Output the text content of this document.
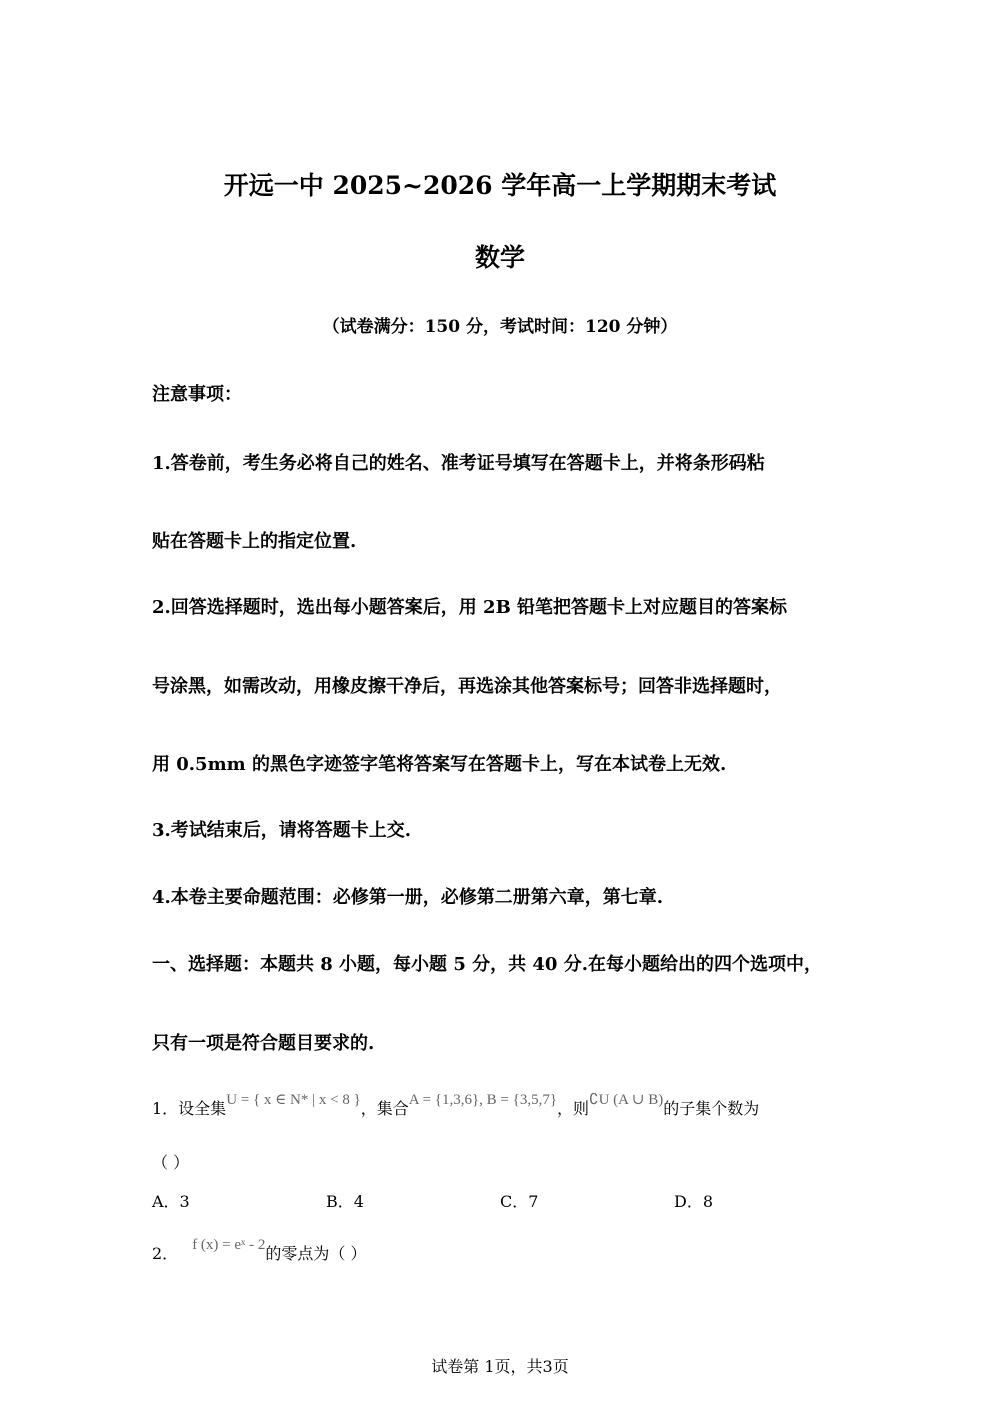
开远一中 2025~2026 学年高一上学期期末考试
数学
（试卷满分：150 分，考试时间：120 分钟）
注意事项：
1.答卷前，考生务必将自己的姓名、准考证号填写在答题卡上，并将条形码粘
贴在答题卡上的指定位置.
2.回答选择题时，选出每小题答案后，用 2B 铅笔把答题卡上对应题目的答案标
号涂黑，如需改动，用橡皮擦干净后，再选涂其他答案标号；回答非选择题时，
用 0.5mm 的黑色字迹签字笔将答案写在答题卡上，写在本试卷上无效.
3.考试结束后，请将答题卡上交.
4.本卷主要命题范围：必修第一册，必修第二册第六章，第七章.
一、选择题：本题共 8 小题，每小题 5 分，共 40 分.在每小题给出的四个选项中，
只有一项是符合题目要求的.
1．设全集U = { x ∈ N* | x < 8 }，集合A = {1,3,6}, B = {3,5,7}，则∁U (A ∪ B)的子集个数为
（ ）
A．3	B．4	C．7	D．8
2． f (x) = eˣ - 2的零点为（ ）
试卷第 1页，共3页
